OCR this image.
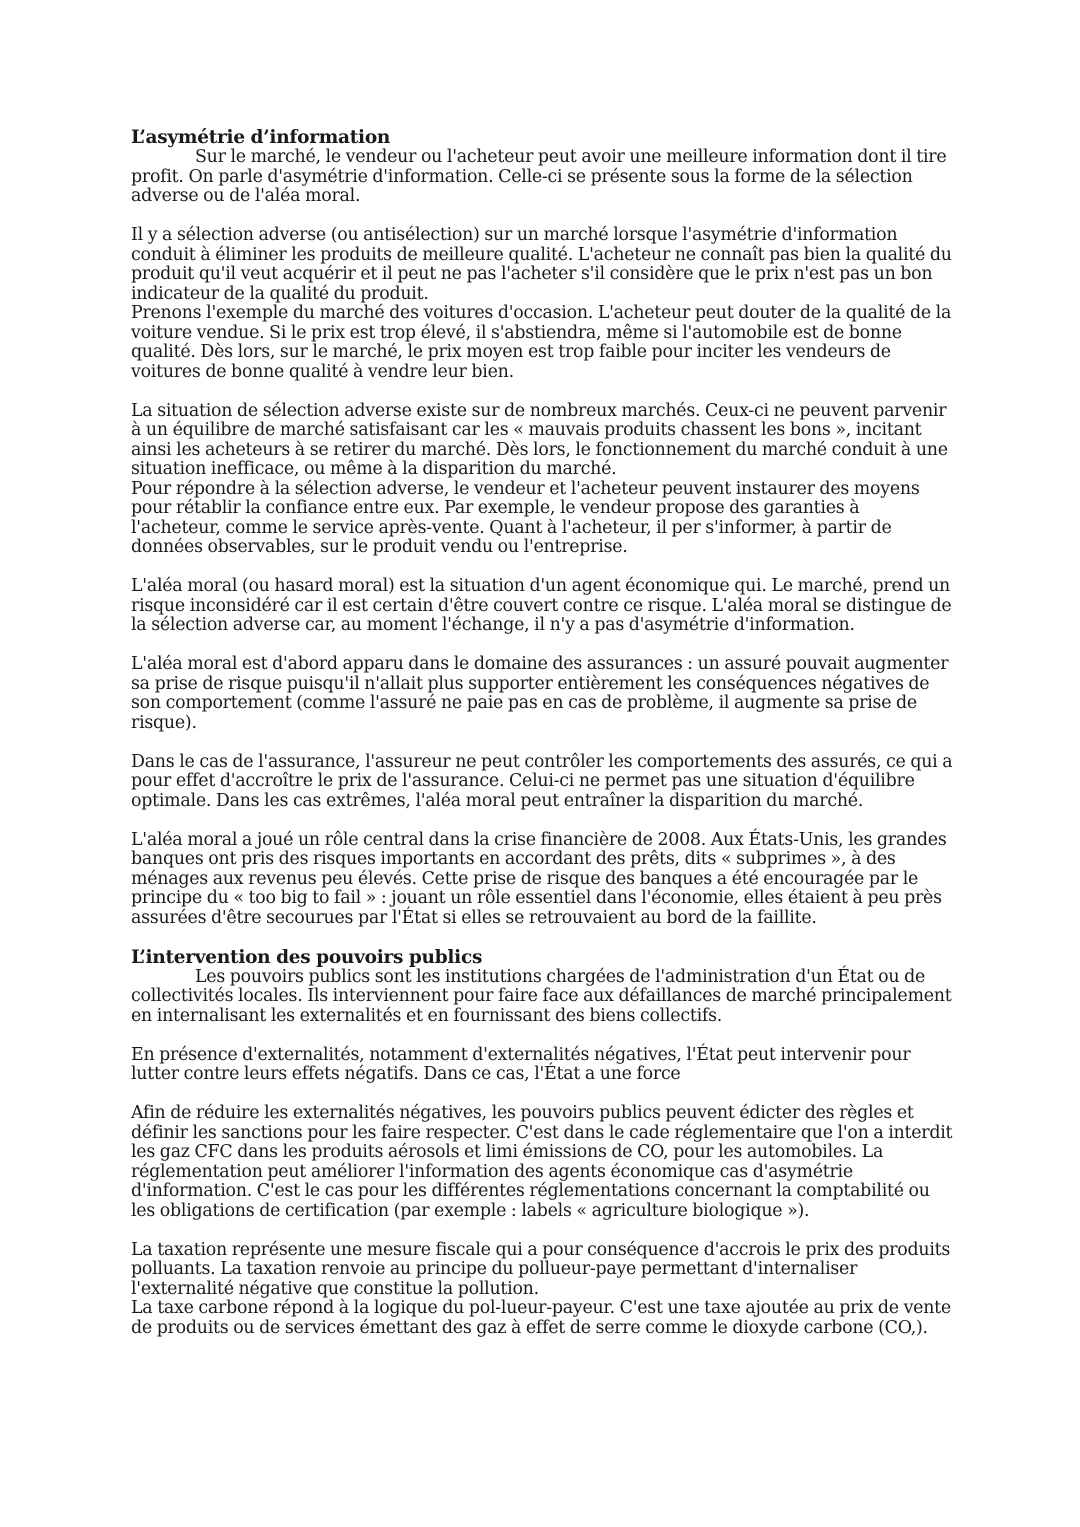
L’asymétrie d’information

Sur le marché, le vendeur ou l'acheteur peut avoir une meilleure information dont il tire profit. On parle d'asymétrie d'information. Celle-ci se présente sous la forme de la sélection adverse ou de l'aléa moral.

Il y a sélection adverse (ou antisélection) sur un marché lorsque l'asymétrie d'information conduit à éliminer les produits de meilleure qualité. L'acheteur ne connaît pas bien la qualité du produit qu'il veut acquérir et il peut ne pas l'acheter s'il considère que le prix n'est pas un bon indicateur de la qualité du produit.

Prenons l'exemple du marché des voitures d'occasion. L'acheteur peut douter de la qualité de la voiture vendue. Si le prix est trop élevé, il s'abstiendra, même si l'automobile est de bonne qualité. Dès lors, sur le marché, le prix moyen est trop faible pour inciter les vendeurs de voitures de bonne qualité à vendre leur bien.

La situation de sélection adverse existe sur de nombreux marchés. Ceux-ci ne peuvent parvenir à un équilibre de marché satisfaisant car les « mauvais produits chassent les bons », incitant ainsi les acheteurs à se retirer du marché. Dès lors, le fonctionnement du marché conduit à une situation inefficace, ou même à la disparition du marché.

Pour répondre à la sélection adverse, le vendeur et l'acheteur peuvent instaurer des moyens pour rétablir la confiance entre eux. Par exemple, le vendeur propose des garanties à l'acheteur, comme le service après-vente. Quant à l'acheteur, il per s'informer, à partir de données observables, sur le produit vendu ou l'entreprise.

L'aléa moral (ou hasard moral) est la situation d'un agent économique qui. Le marché, prend un risque inconsidéré car il est certain d'être couvert contre ce risque. L'aléa moral se distingue de la sélection adverse car, au moment l'échange, il n'y a pas d'asymétrie d'information.

L'aléa moral est d'abord apparu dans le domaine des assurances : un assuré pouvait augmenter sa prise de risque puisqu'il n'allait plus supporter entièrement les conséquences négatives de son comportement (comme l'assuré ne paie pas en cas de problème, il augmente sa prise de risque).

Dans le cas de l'assurance, l'assureur ne peut contrôler les comportements des assurés, ce qui a pour effet d'accroître le prix de l'assurance. Celui-ci ne permet pas une situation d'équilibre optimale. Dans les cas extrêmes, l'aléa moral peut entraîner la disparition du marché.

L'aléa moral a joué un rôle central dans la crise financière de 2008. Aux États-Unis, les grandes banques ont pris des risques importants en accordant des prêts, dits « subprimes », à des ménages aux revenus peu élevés. Cette prise de risque des banques a été encouragée par le principe du « too big to fail » : jouant un rôle essentiel dans l'économie, elles étaient à peu près assurées d'être secourues par l'État si elles se retrouvaient au bord de la faillite.

L’intervention des pouvoirs publics

Les pouvoirs publics sont les institutions chargées de l'administration d'un État ou de collectivités locales. Ils interviennent pour faire face aux défaillances de marché principalement en internalisant les externalités et en fournissant des biens collectifs.

En présence d'externalités, notamment d'externalités négatives, l'État peut intervenir pour lutter contre leurs effets négatifs. Dans ce cas, l'État a une force

Afin de réduire les externalités négatives, les pouvoirs publics peuvent édicter des règles et définir les sanctions pour les faire respecter. C'est dans le cade réglementaire que l'on a interdit les gaz CFC dans les produits aérosols et limi émissions de CO, pour les automobiles. La réglementation peut améliorer l'information des agents économique cas d'asymétrie d'information. C'est le cas pour les différentes réglementations concernant la comptabilité ou les obligations de certification (par exemple : labels « agriculture biologique »).

La taxation représente une mesure fiscale qui a pour conséquence d'accrois le prix des produits polluants. La taxation renvoie au principe du pollueur-paye permettant d'internaliser l'externalité négative que constitue la pollution.

La taxe carbone répond à la logique du pol-lueur-payeur. C'est une taxe ajoutée au prix de vente de produits ou de services émettant des gaz à effet de serre comme le dioxyde carbone (CO,).
